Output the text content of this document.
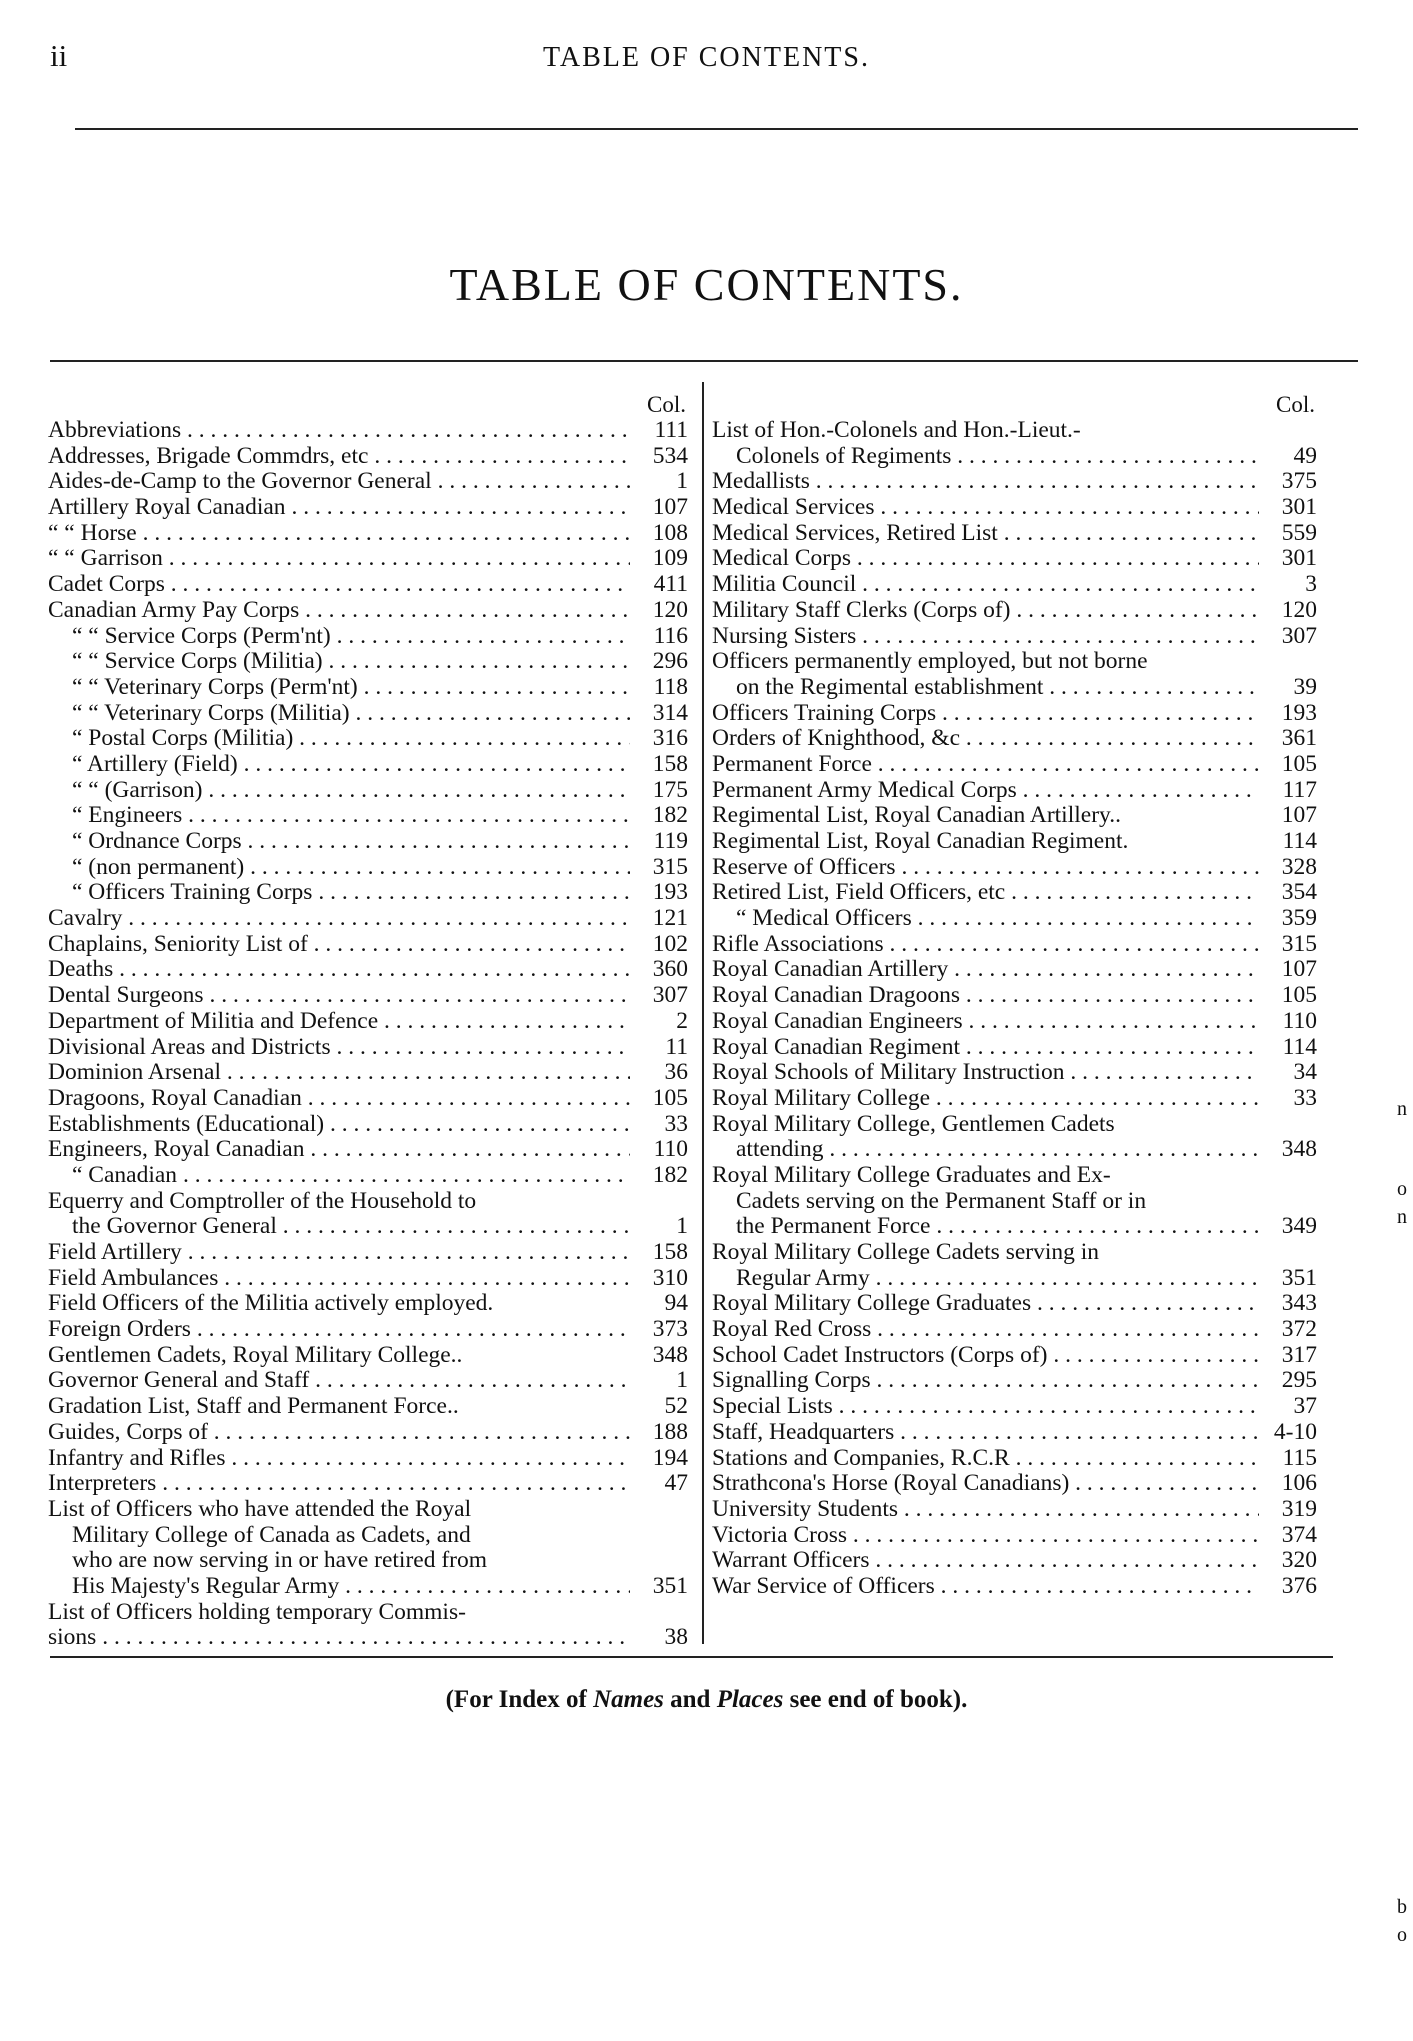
ii	TABLE OF CONTENTS.
TABLE OF CONTENTS.
Col.
Abbreviations . . .	111
Addresses, Brigade Commdrs, etc . . .	534
Aides-de-Camp to the Governor General . . .	1
Artillery Royal Canadian . . .	107
“ “ Horse . . .	108
“ “ Garrison . . .	109
Cadet Corps . . .	411
Canadian Army Pay Corps . . .	120
“ “ Service Corps (Perm'nt) . . .	116
“ “ Service Corps (Militia) . . .	296
“ “ Veterinary Corps (Perm'nt) . . .	118
“ “ Veterinary Corps (Militia) . . .	314
“ Postal Corps (Militia) . . .	316
“ Artillery (Field) . . .	158
“ “ (Garrison) . . .	175
“ Engineers . . .	182
“ Ordnance Corps . . .	119
“ (non permanent) . . .	315
“ Officers Training Corps . . .	193
Cavalry . . .	121
Chaplains, Seniority List of . . .	102
Deaths . . .	360
Dental Surgeons . . .	307
Department of Militia and Defence . . .	2
Divisional Areas and Districts . . .	11
Dominion Arsenal . . .	36
Dragoons, Royal Canadian . . .	105
Establishments (Educational) . . .	33
Engineers, Royal Canadian . . .	110
“ Canadian . . .	182
Equerry and Comptroller of the Household to
the Governor General . . .	1
Field Artillery . . .	158
Field Ambulances . . .	310
Field Officers of the Militia actively employed.	94
Foreign Orders . . .	373
Gentlemen Cadets, Royal Military College..	348
Governor General and Staff . . .	1
Gradation List, Staff and Permanent Force..	52
Guides, Corps of . . .	188
Infantry and Rifles . . .	194
Interpreters . . .	47
List of Officers who have attended the Royal
Military College of Canada as Cadets, and
who are now serving in or have retired from
His Majesty's Regular Army . . .	351
List of Officers holding temporary Commis-
sions . . .	38
Col.
List of Hon.-Colonels and Hon.-Lieut.-
Colonels of Regiments . . .	49
Medallists . . .	375
Medical Services . . .	301
Medical Services, Retired List . . .	559
Medical Corps . . .	301
Militia Council . . .	3
Military Staff Clerks (Corps of) . . .	120
Nursing Sisters . . .	307
Officers permanently employed, but not borne
on the Regimental establishment . . .	39
Officers Training Corps . . .	193
Orders of Knighthood, &c . . .	361
Permanent Force . . .	105
Permanent Army Medical Corps . . .	117
Regimental List, Royal Canadian Artillery..	107
Regimental List, Royal Canadian Regiment.	114
Reserve of Officers . . .	328
Retired List, Field Officers, etc . . .	354
“ Medical Officers . . .	359
Rifle Associations . . .	315
Royal Canadian Artillery . . .	107
Royal Canadian Dragoons . . .	105
Royal Canadian Engineers . . .	110
Royal Canadian Regiment . . .	114
Royal Schools of Military Instruction . . .	34
Royal Military College . . .	33
Royal Military College, Gentlemen Cadets
attending . . .	348
Royal Military College Graduates and Ex-
Cadets serving on the Permanent Staff or in
the Permanent Force . . .	349
Royal Military College Cadets serving in
Regular Army . . .	351
Royal Military College Graduates . . .	343
Royal Red Cross . . .	372
School Cadet Instructors (Corps of) . . .	317
Signalling Corps . . .	295
Special Lists . . .	37
Staff, Headquarters . . .	4-10
Stations and Companies, R.C.R . . .	115
Strathcona's Horse (Royal Canadians) . . .	106
University Students . . .	319
Victoria Cross . . .	374
Warrant Officers . . .	320
War Service of Officers . . .	376
(For Index of Names and Places see end of book).
n
o
n
b
o
